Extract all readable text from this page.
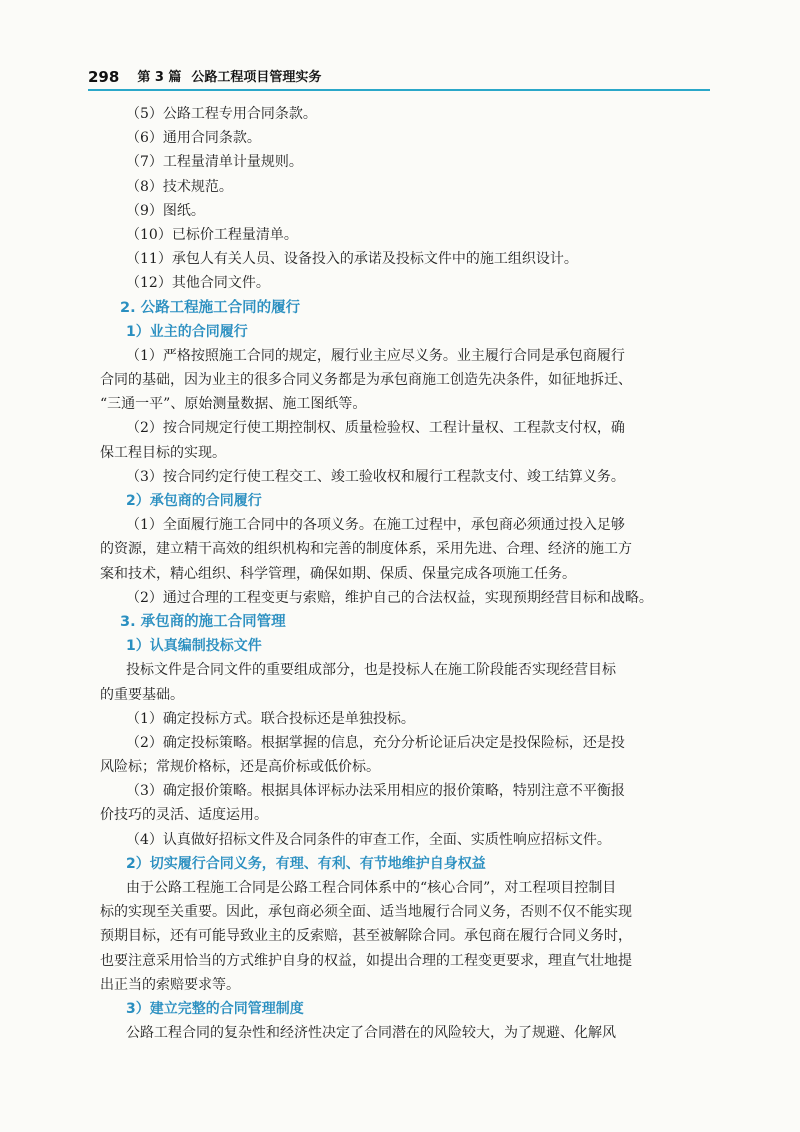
298 第 3 篇 公路工程项目管理实务
（5）公路工程专用合同条款。
（6）通用合同条款。
（7）工程量清单计量规则。
（8）技术规范。
（9）图纸。
（10）已标价工程量清单。
（11）承包人有关人员、设备投入的承诺及投标文件中的施工组织设计。
（12）其他合同文件。
2. 公路工程施工合同的履行
1）业主的合同履行
（1）严格按照施工合同的规定，履行业主应尽义务。业主履行合同是承包商履行
合同的基础，因为业主的很多合同义务都是为承包商施工创造先决条件，如征地拆迁、
“三通一平”、原始测量数据、施工图纸等。
（2）按合同规定行使工期控制权、质量检验权、工程计量权、工程款支付权，确
保工程目标的实现。
（3）按合同约定行使工程交工、竣工验收权和履行工程款支付、竣工结算义务。
2）承包商的合同履行
（1）全面履行施工合同中的各项义务。在施工过程中，承包商必须通过投入足够
的资源，建立精干高效的组织机构和完善的制度体系，采用先进、合理、经济的施工方
案和技术，精心组织、科学管理，确保如期、保质、保量完成各项施工任务。
（2）通过合理的工程变更与索赔，维护自己的合法权益，实现预期经营目标和战略。
3. 承包商的施工合同管理
1）认真编制投标文件
投标文件是合同文件的重要组成部分，也是投标人在施工阶段能否实现经营目标
的重要基础。
（1）确定投标方式。联合投标还是单独投标。
（2）确定投标策略。根据掌握的信息，充分分析论证后决定是投保险标，还是投
风险标；常规价格标，还是高价标或低价标。
（3）确定报价策略。根据具体评标办法采用相应的报价策略，特别注意不平衡报
价技巧的灵活、适度运用。
（4）认真做好招标文件及合同条件的审查工作，全面、实质性响应招标文件。
2）切实履行合同义务，有理、有利、有节地维护自身权益
由于公路工程施工合同是公路工程合同体系中的“核心合同”，对工程项目控制目
标的实现至关重要。因此，承包商必须全面、适当地履行合同义务，否则不仅不能实现
预期目标，还有可能导致业主的反索赔，甚至被解除合同。承包商在履行合同义务时，
也要注意采用恰当的方式维护自身的权益，如提出合理的工程变更要求，理直气壮地提
出正当的索赔要求等。
3）建立完整的合同管理制度
公路工程合同的复杂性和经济性决定了合同潜在的风险较大，为了规避、化解风
